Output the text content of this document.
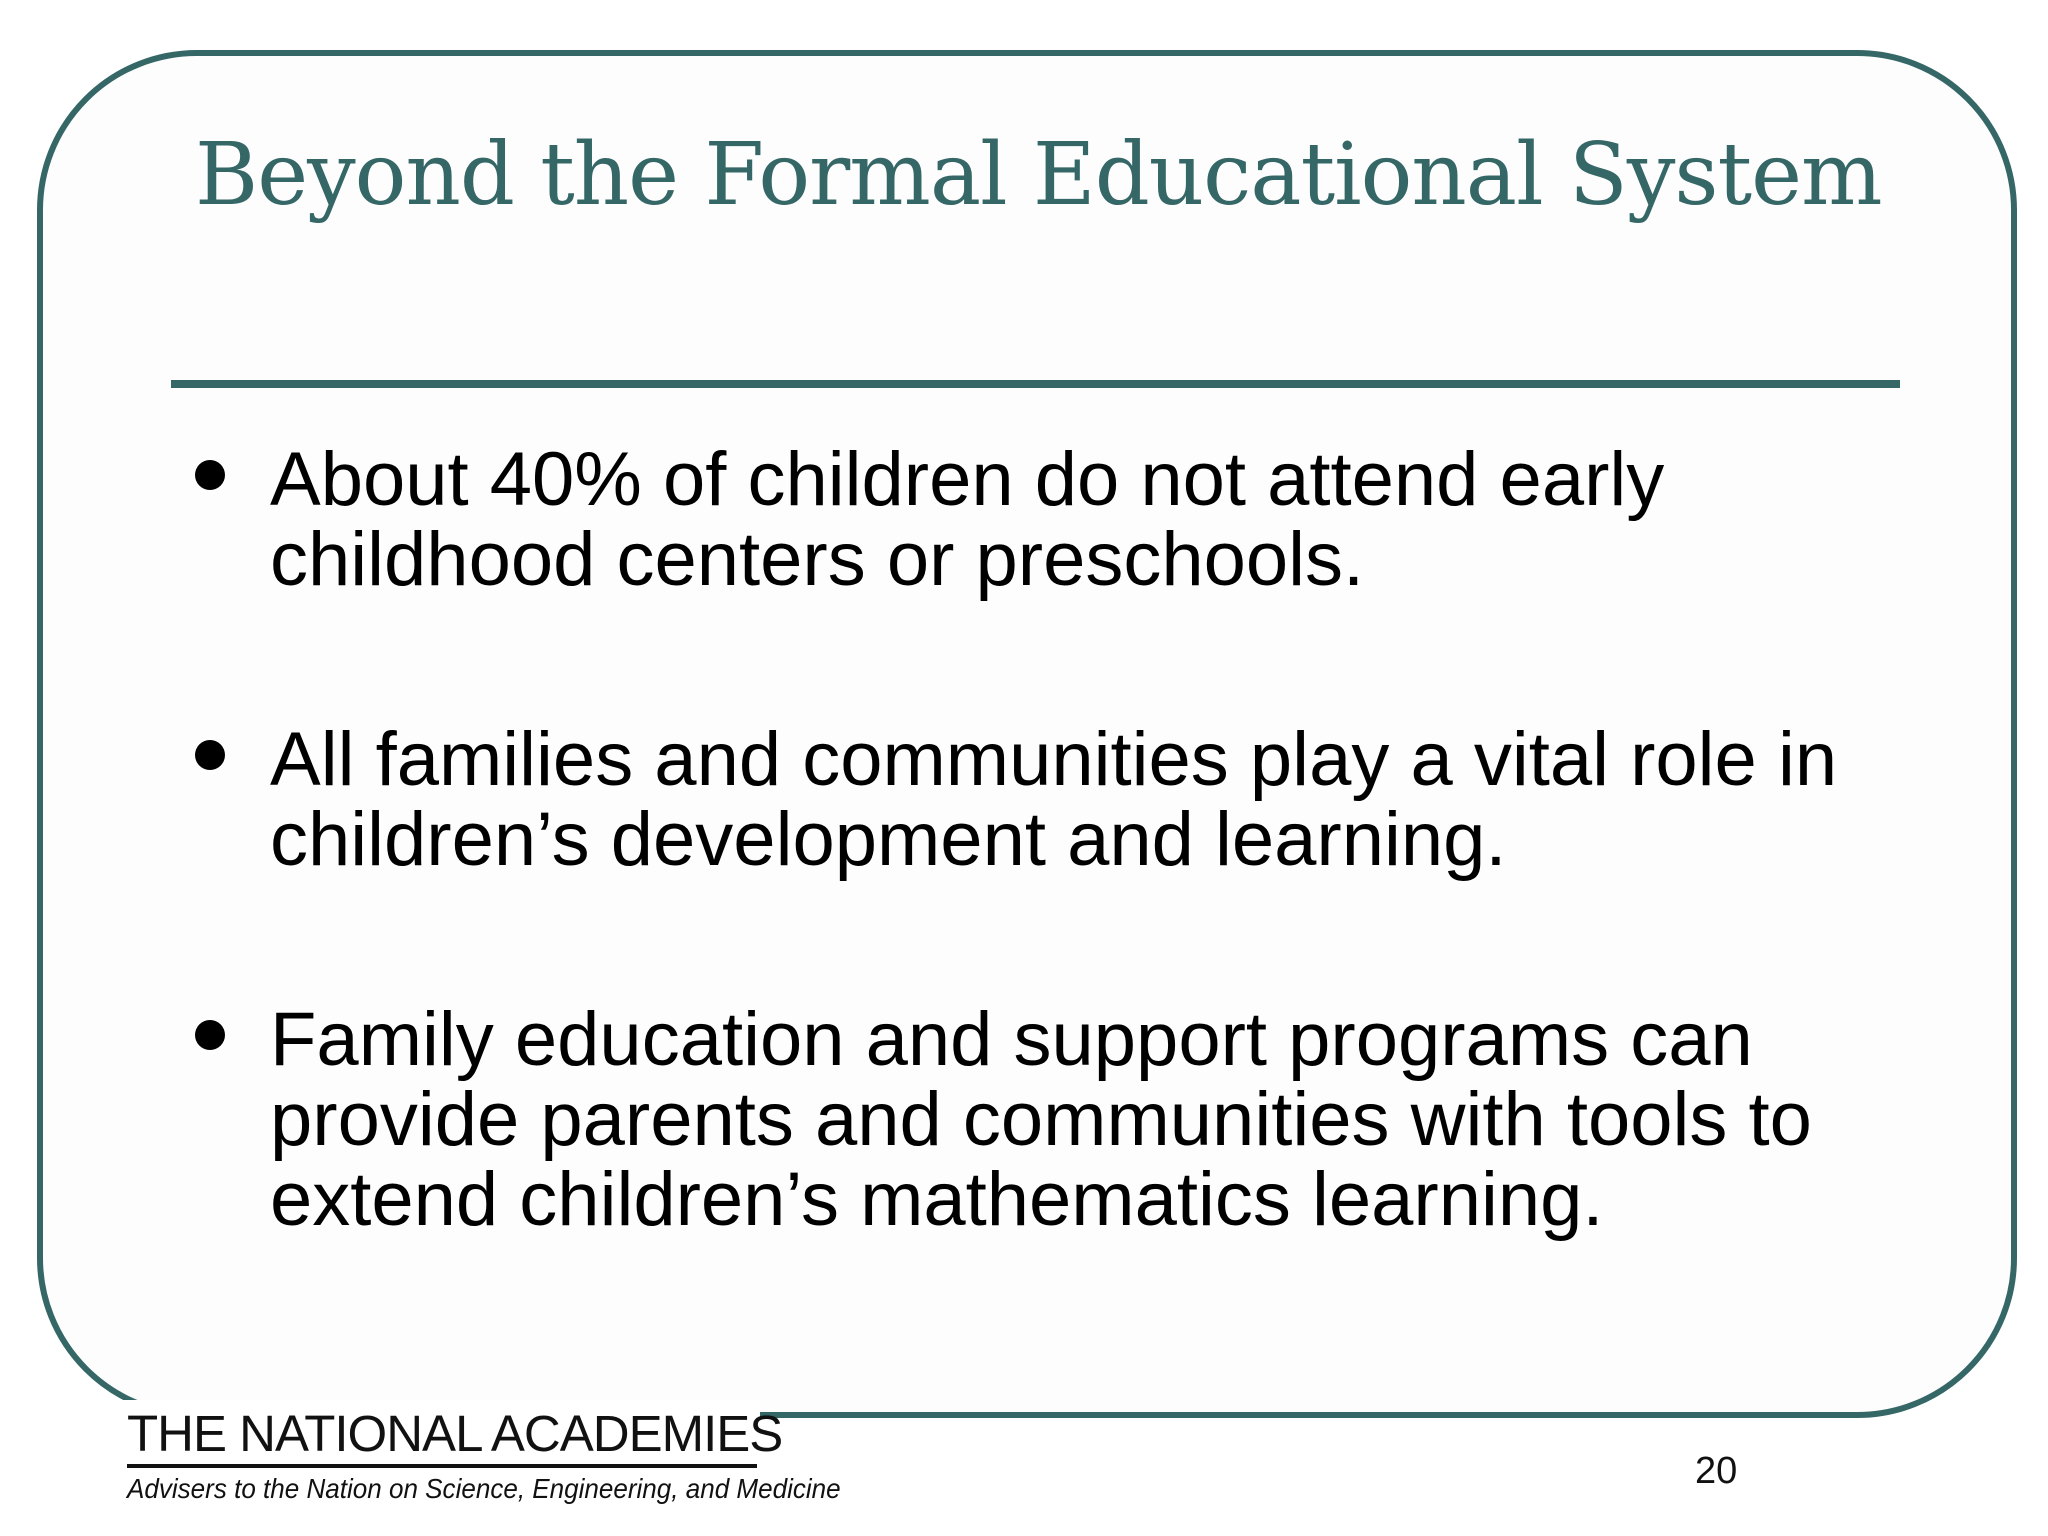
Beyond the Formal Educational System
About 40% of children do not attend early childhood centers or preschools.
All families and communities play a vital role in children’s development and learning.
Family education and support programs can provide parents and communities with tools to extend children’s mathematics learning.
THE NATIONAL ACADEMIES
Advisers to the Nation on Science, Engineering, and Medicine	20
